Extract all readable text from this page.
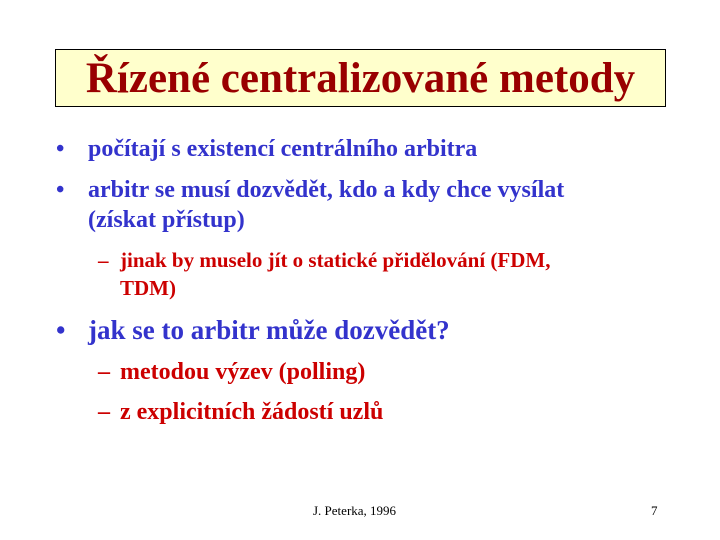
Řízené centralizované metody
• počítají s existencí centrálního arbitra
• arbitr se musí dozvědět, kdo a kdy chce vysílat
(získat přístup)
– jinak by muselo jít o statické přidělování (FDM,
TDM)
• jak se to arbitr může dozvědět?
– metodou výzev (polling)
– z explicitních žádostí uzlů
J. Peterka, 1996	7
